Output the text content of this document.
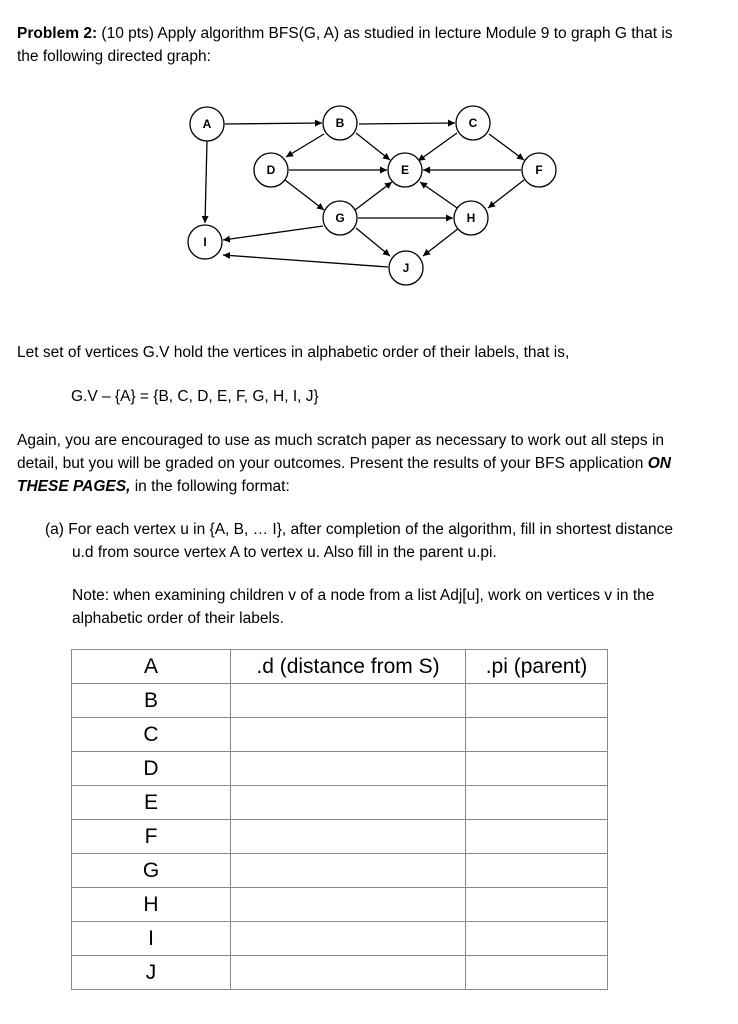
Problem 2: (10 pts) Apply algorithm BFS(G, A) as studied in lecture Module 9 to graph G that is
the following directed graph:
A	B	C
D	E	F
G	H
I
J
Let set of vertices G.V hold the vertices in alphabetic order of their labels, that is,
G.V – {A} = {B, C, D, E, F, G, H, I, J}
Again, you are encouraged to use as much scratch paper as necessary to work out all steps in
detail, but you will be graded on your outcomes. Present the results of your BFS application ON
THESE PAGES, in the following format:
(a) For each vertex u in {A, B, … I}, after completion of the algorithm, fill in shortest distance
u.d from source vertex A to vertex u. Also fill in the parent u.pi.
Note: when examining children v of a node from a list Adj[u], work on vertices v in the
alphabetic order of their labels.
A	.d (distance from S)	.pi (parent)
B		
C		
D		
E		
F		
G		
H		
I		
J		
